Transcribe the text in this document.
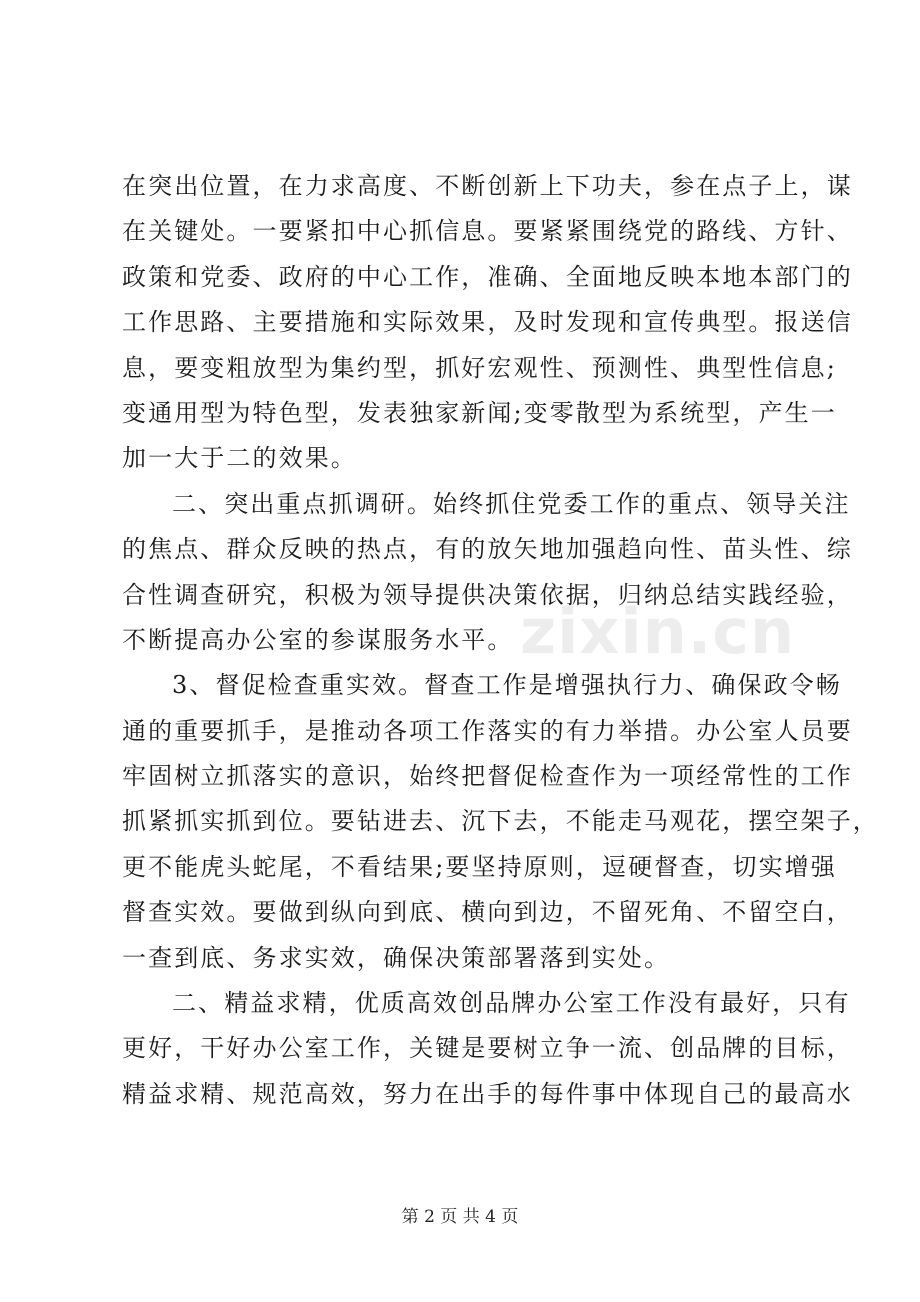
在突出位置，在力求高度、不断创新上下功夫，参在点子上，谋
在关键处。一要紧扣中心抓信息。要紧紧围绕党的路线、方针、
政策和党委、政府的中心工作，准确、全面地反映本地本部门的
工作思路、主要措施和实际效果，及时发现和宣传典型。报送信
息，要变粗放型为集约型，抓好宏观性、预测性、典型性信息;
变通用型为特色型，发表独家新闻;变零散型为系统型，产生一
加一大于二的效果。
二、突出重点抓调研。始终抓住党委工作的重点、领导关注
的焦点、群众反映的热点，有的放矢地加强趋向性、苗头性、综
合性调查研究，积极为领导提供决策依据，归纳总结实践经验，
不断提高办公室的参谋服务水平。
3、督促检查重实效。督查工作是增强执行力、确保政令畅
通的重要抓手，是推动各项工作落实的有力举措。办公室人员要
牢固树立抓落实的意识，始终把督促检查作为一项经常性的工作
抓紧抓实抓到位。要钻进去、沉下去，不能走马观花，摆空架子，
更不能虎头蛇尾，不看结果;要坚持原则，逗硬督查，切实增强
督查实效。要做到纵向到底、横向到边，不留死角、不留空白，
一查到底、务求实效，确保决策部署落到实处。
二、精益求精，优质高效创品牌办公室工作没有最好，只有
更好，干好办公室工作，关键是要树立争一流、创品牌的目标，
精益求精、规范高效，努力在出手的每件事中体现自己的最高水
zixin.cn
第 2 页 共 4 页
